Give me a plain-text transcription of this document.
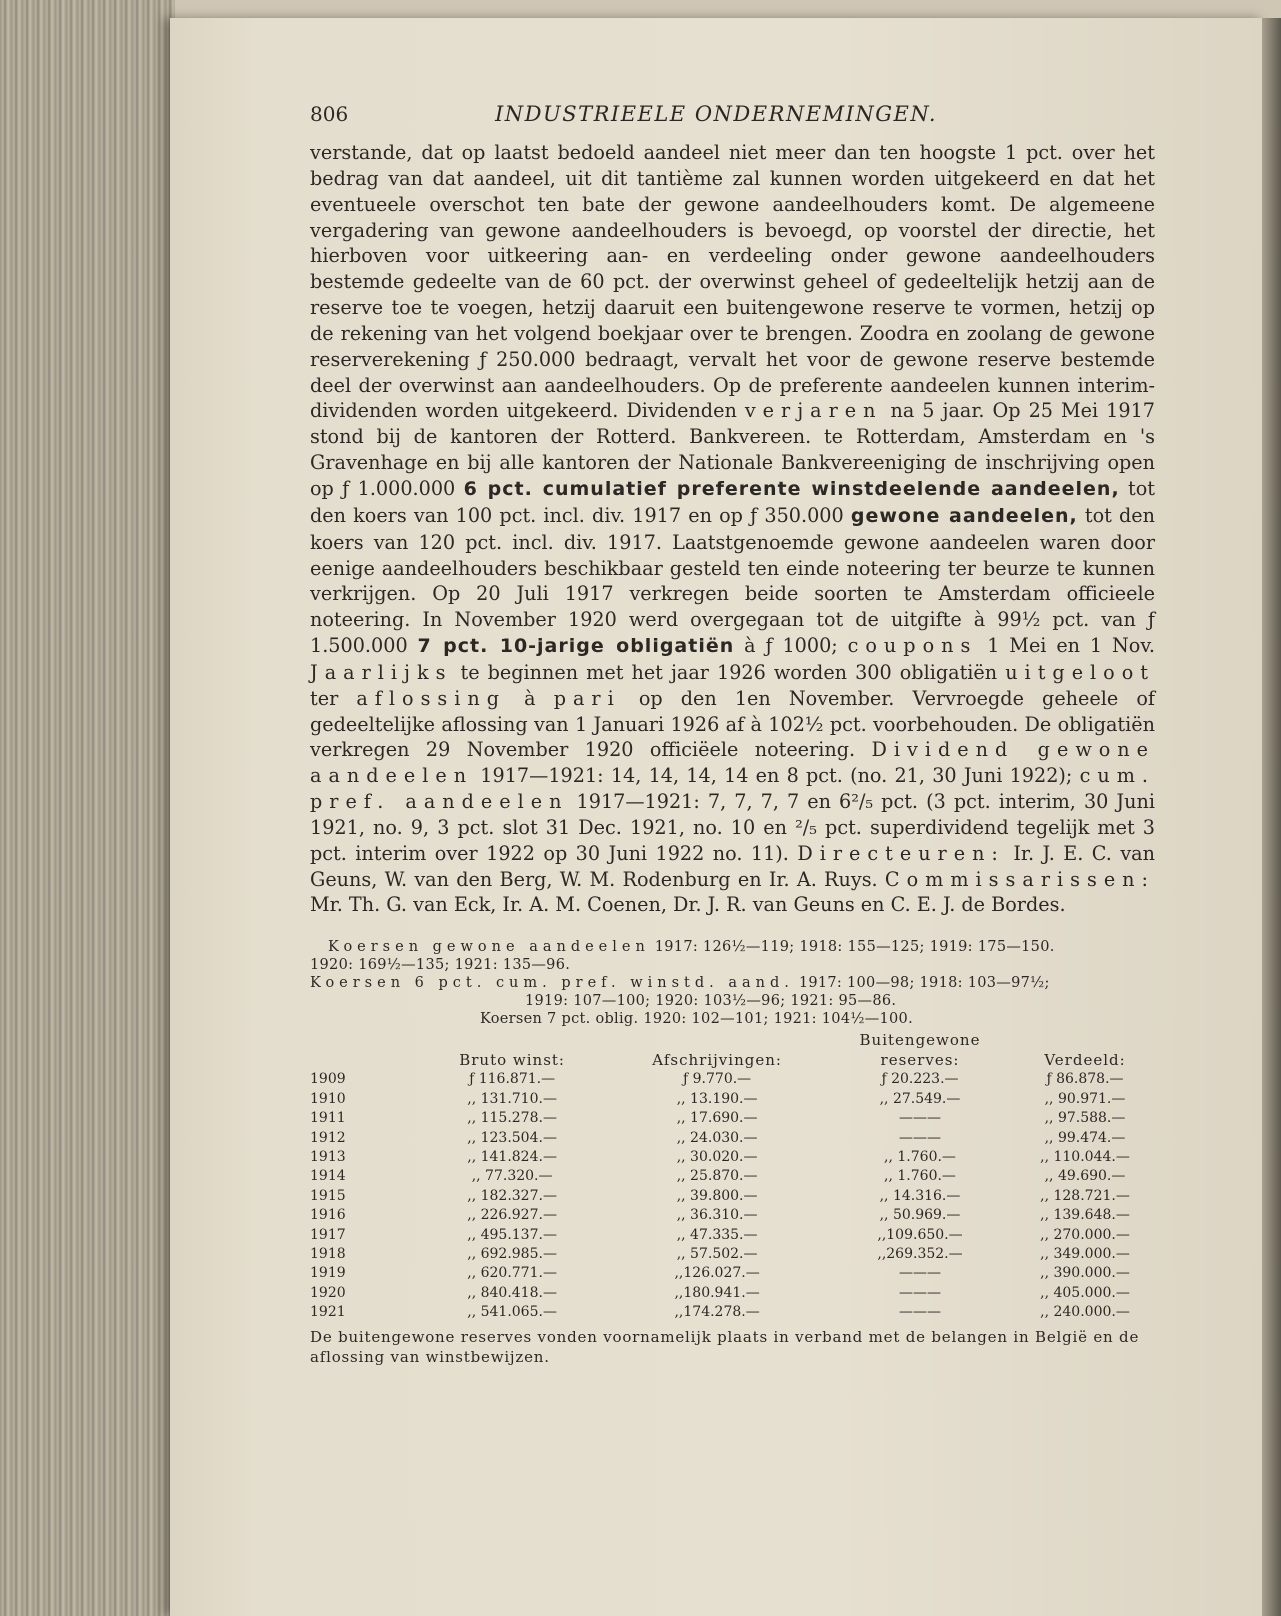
806	INDUSTRIEELE ONDERNEMINGEN.

verstande, dat op laatst bedoeld aandeel niet meer dan ten hoogste 1 pct. over het bedrag van dat aandeel, uit dit tantième zal kunnen worden uitgekeerd en dat het eventueele overschot ten bate der gewone aandeelhouders komt. De algemeene vergadering van gewone aandeelhouders is bevoegd, op voorstel der directie, het hierboven voor uitkeering aan- en verdeeling onder gewone aandeelhouders bestemde gedeelte van de 60 pct. der overwinst geheel of gedeeltelijk hetzij aan de reserve toe te voegen, hetzij daaruit een buitengewone reserve te vormen, hetzij op de rekening van het volgend boekjaar over te brengen. Zoodra en zoolang de gewone reserverekening ƒ 250.000 bedraagt, vervalt het voor de gewone reserve bestemde deel der overwinst aan aandeelhouders. Op de preferente aandeelen kunnen interim-dividenden worden uitgekeerd. Dividenden verjaren na 5 jaar. Op 25 Mei 1917 stond bij de kantoren der Rotterd. Bankvereen. te Rotterdam, Amsterdam en 's Gravenhage en bij alle kantoren der Nationale Bankvereeniging de inschrijving open op ƒ 1.000.000 6 pct. cumulatief preferente winstdeelende aandeelen, tot den koers van 100 pct. incl. div. 1917 en op ƒ 350.000 gewone aandeelen, tot den koers van 120 pct. incl. div. 1917. Laatstgenoemde gewone aandeelen waren door eenige aandeelhouders beschikbaar gesteld ten einde noteering ter beurze te kunnen verkrijgen. Op 20 Juli 1917 verkregen beide soorten te Amsterdam officieele noteering. In November 1920 werd overgegaan tot de uitgifte à 99½ pct. van ƒ 1.500.000 7 pct. 10-jarige obligatiën à ƒ 1000; coupons 1 Mei en 1 Nov. Jaarlijks te beginnen met het jaar 1926 worden 300 obligatiën uitgeloot ter aflossing à pari op den 1en November. Vervroegde geheele of gedeeltelijke aflossing van 1 Januari 1926 af à 102½ pct. voorbehouden. De obligatiën verkregen 29 November 1920 officiëele noteering. Dividend gewone aandeelen 1917—1921: 14, 14, 14, 14 en 8 pct. (no. 21, 30 Juni 1922); cum. pref. aandeelen 1917—1921: 7, 7, 7, 7 en 6²/₅ pct. (3 pct. interim, 30 Juni 1921, no. 9, 3 pct. slot 31 Dec. 1921, no. 10 en ²/₅ pct. superdividend tegelijk met 3 pct. interim over 1922 op 30 Juni 1922 no. 11). Directeuren: Ir. J. E. C. van Geuns, W. van den Berg, W. M. Rodenburg en Ir. A. Ruys. Commissarissen: Mr. Th. G. van Eck, Ir. A. M. Coenen, Dr. J. R. van Geuns en C. E. J. de Bordes.

Koersen gewone aandeelen 1917: 126½—119; 1918: 155—125; 1919: 175—150.
1920: 169½—135; 1921: 135—96.
Koersen 6 pct. cum. pref. winstd. aand. 1917: 100—98; 1918: 103—97½;
1919: 107—100; 1920: 103½—96; 1921: 95—86.
Koersen 7 pct. oblig. 1920: 102—101; 1921: 104½—100.
	Bruto winst:	Afschrijvingen:	Buitengewone reserves:	Verdeeld:
1909	ƒ 116.871.—	ƒ 9.770.—	ƒ 20.223.—	ƒ 86.878.—
1910	,, 131.710.—	,, 13.190.—	,, 27.549.—	,, 90.971.—
1911	,, 115.278.—	,, 17.690.—	———	,, 97.588.—
1912	,, 123.504.—	,, 24.030.—	———	,, 99.474.—
1913	,, 141.824.—	,, 30.020.—	,, 1.760.—	,, 110.044.—
1914	,, 77.320.—	,, 25.870.—	,, 1.760.—	,, 49.690.—
1915	,, 182.327.—	,, 39.800.—	,, 14.316.—	,, 128.721.—
1916	,, 226.927.—	,, 36.310.—	,, 50.969.—	,, 139.648.—
1917	,, 495.137.—	,, 47.335.—	,,109.650.—	,, 270.000.—
1918	,, 692.985.—	,, 57.502.—	,,269.352.—	,, 349.000.—
1919	,, 620.771.—	,,126.027.—	———	,, 390.000.—
1920	,, 840.418.—	,,180.941.—	———	,, 405.000.—
1921	,, 541.065.—	,,174.278.—	———	,, 240.000.—
De buitengewone reserves vonden voornamelijk plaats in verband met de belangen in België en de aflossing van winstbewijzen.
